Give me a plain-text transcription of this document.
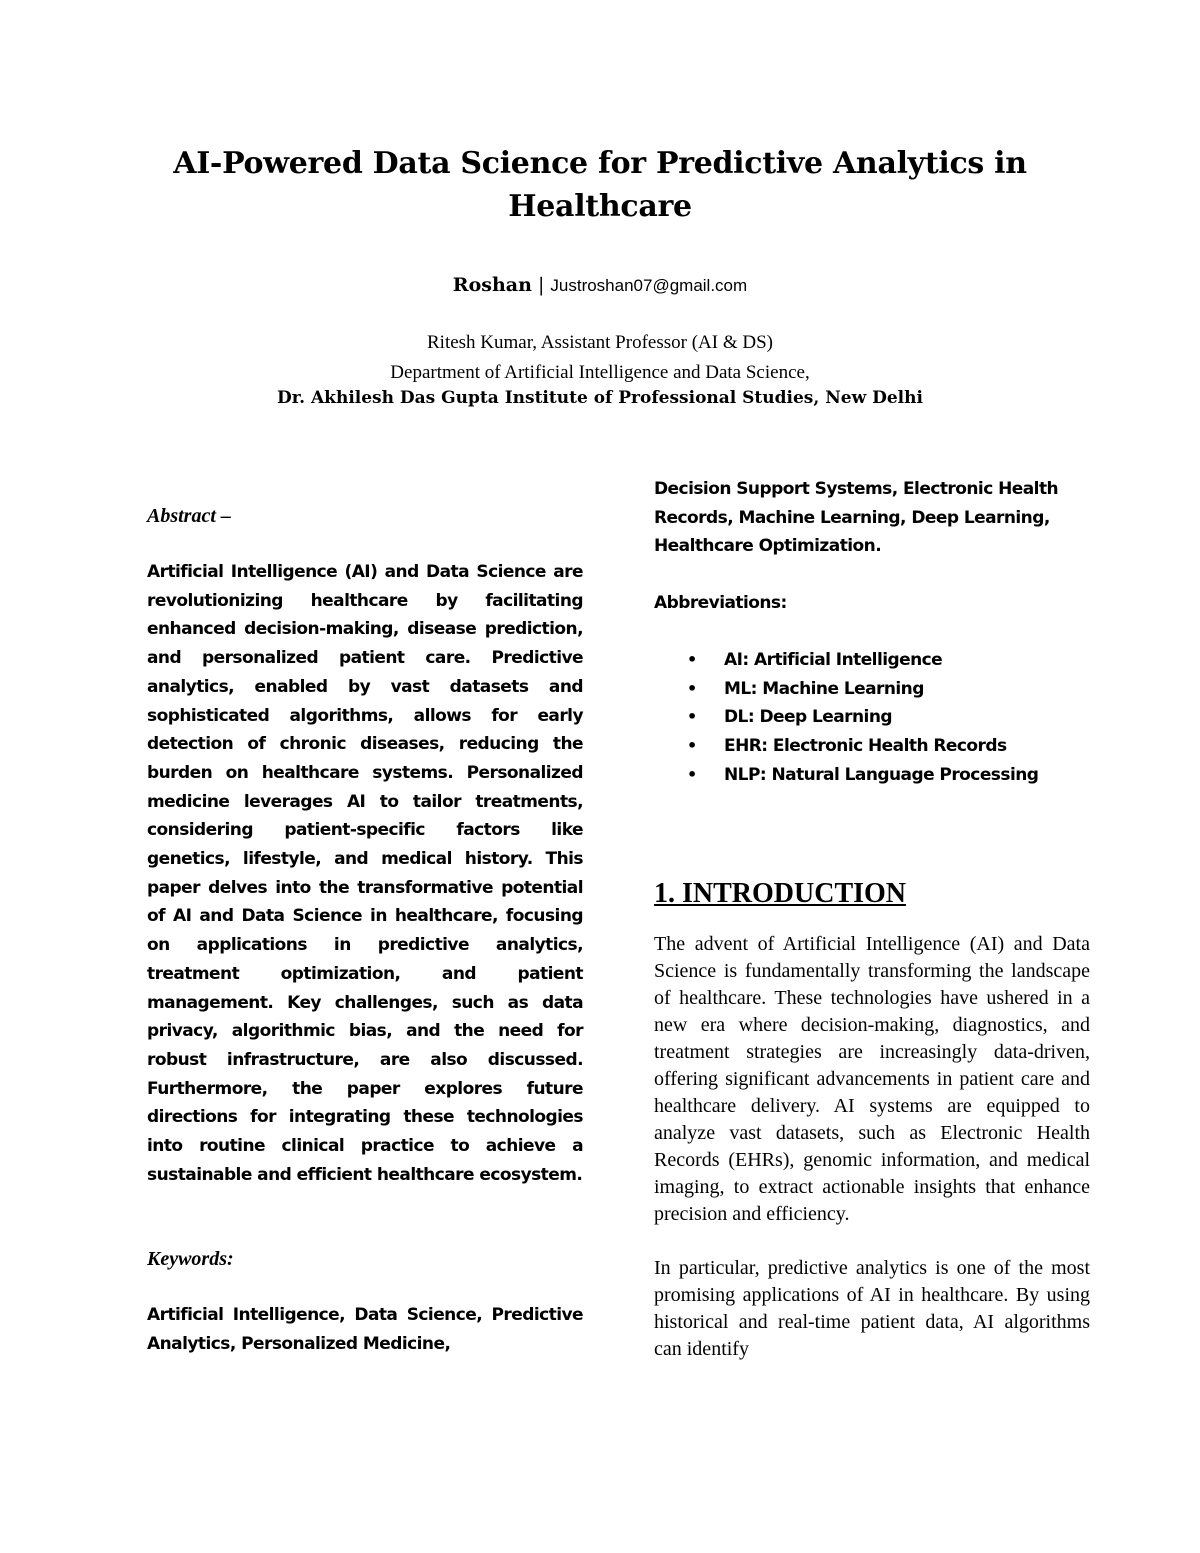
AI-Powered Data Science for Predictive Analytics in Healthcare

Roshan | Justroshan07@gmail.com

Ritesh Kumar, Assistant Professor (AI & DS)

Department of Artificial Intelligence and Data Science,

Dr. Akhilesh Das Gupta Institute of Professional Studies, New Delhi

Abstract –

Artificial Intelligence (AI) and Data Science are revolutionizing healthcare by facilitating enhanced decision-making, disease prediction, and personalized patient care. Predictive analytics, enabled by vast datasets and sophisticated algorithms, allows for early detection of chronic diseases, reducing the burden on healthcare systems. Personalized medicine leverages AI to tailor treatments, considering patient-specific factors like genetics, lifestyle, and medical history. This paper delves into the transformative potential of AI and Data Science in healthcare, focusing on applications in predictive analytics, treatment optimization, and patient management. Key challenges, such as data privacy, algorithmic bias, and the need for robust infrastructure, are also discussed. Furthermore, the paper explores future directions for integrating these technologies into routine clinical practice to achieve a sustainable and efficient healthcare ecosystem.

Keywords:

Artificial Intelligence, Data Science, Predictive Analytics, Personalized Medicine,

Decision Support Systems, Electronic Health Records, Machine Learning, Deep Learning, Healthcare Optimization.

Abbreviations:

• AI: Artificial Intelligence
• ML: Machine Learning
• DL: Deep Learning
• EHR: Electronic Health Records
• NLP: Natural Language Processing
1. INTRODUCTION

The advent of Artificial Intelligence (AI) and Data Science is fundamentally transforming the landscape of healthcare. These technologies have ushered in a new era where decision-making, diagnostics, and treatment strategies are increasingly data-driven, offering significant advancements in patient care and healthcare delivery. AI systems are equipped to analyze vast datasets, such as Electronic Health Records (EHRs), genomic information, and medical imaging, to extract actionable insights that enhance precision and efficiency.

In particular, predictive analytics is one of the most promising applications of AI in healthcare. By using historical and real-time patient data, AI algorithms can identify
